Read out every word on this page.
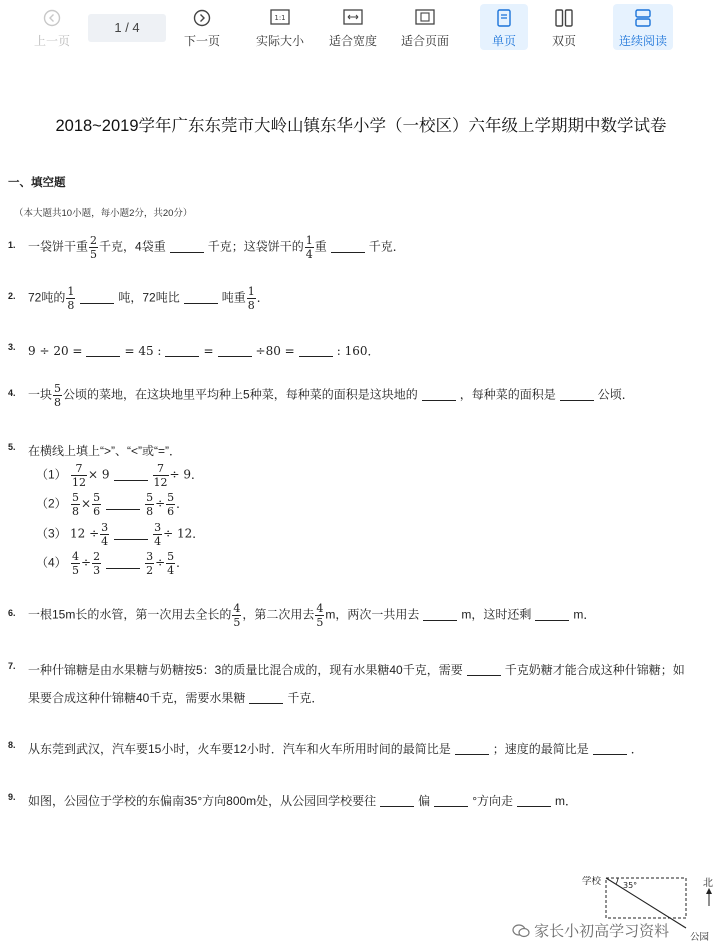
上一页
1 / 4
下一页
1:1
实际大小	适合宽度	适合页面	单页	双页	连续阅读
2018~2019学年广东东莞市大岭山镇东华小学（一校区）六年级上学期期中数学试卷
一、填空题
（本大题共10小题，每小题2分，共20分）
1. 一袋饼干重 $\frac{2}{5}$ 千克，4袋重	千克；这袋饼干的 $\frac{1}{4}$ 重	千克．
2. 72吨的 $\frac{1}{8}$	吨，72吨比	吨重 $\frac{1}{8}$ ．
3. 9 ÷ 20 =	= 45 :	=	÷80 =	: 160．
4. 一块 $\frac{5}{8}$ 公顷的菜地，在这块地里平均种上5种菜，每种菜的面积是这块地的	，每种菜的面积是	公顷．
5. 在横线上填上“>”、“<”或“=”．
$(1) \frac{7}{12} \times 9$	$\frac{7}{12} \div 9$．
$(2) \frac{5}{8} \times \frac{5}{6}$	$\frac{5}{8} \div \frac{5}{6}$ ．
（3） $12 \div \frac{3}{4}$	$\frac{3}{4} \div 12$．
$(4) \frac{4}{5} \div \frac{2}{3}$	$\frac{3}{2} \div \frac{5}{4}$ ．
6. 一根15m长的水管，第一次用去全长的 $\frac{4}{5}$ ，第二次用去 $\frac{4}{5}$ m，两次一共用去	m，这时还剩	m．
7. 一种什锦糖是由水果糖与奶糖按5：3的质量比混合成的，现有水果糖40千克，需要	千克奶糖才能合成这种什锦糖；如
果要合成这种什锦糖40千克，需要水果糖	千克．
8. 从东莞到武汉，汽车要15小时，火车要12小时．汽车和火车所用时间的最简比是	；速度的最简比是	．
9. 如图，公园位于学校的东偏南35°方向800m处，从公园回学校要往	偏	°方向走	m．
35°
学校
公园
北
家长小初高学习资料
